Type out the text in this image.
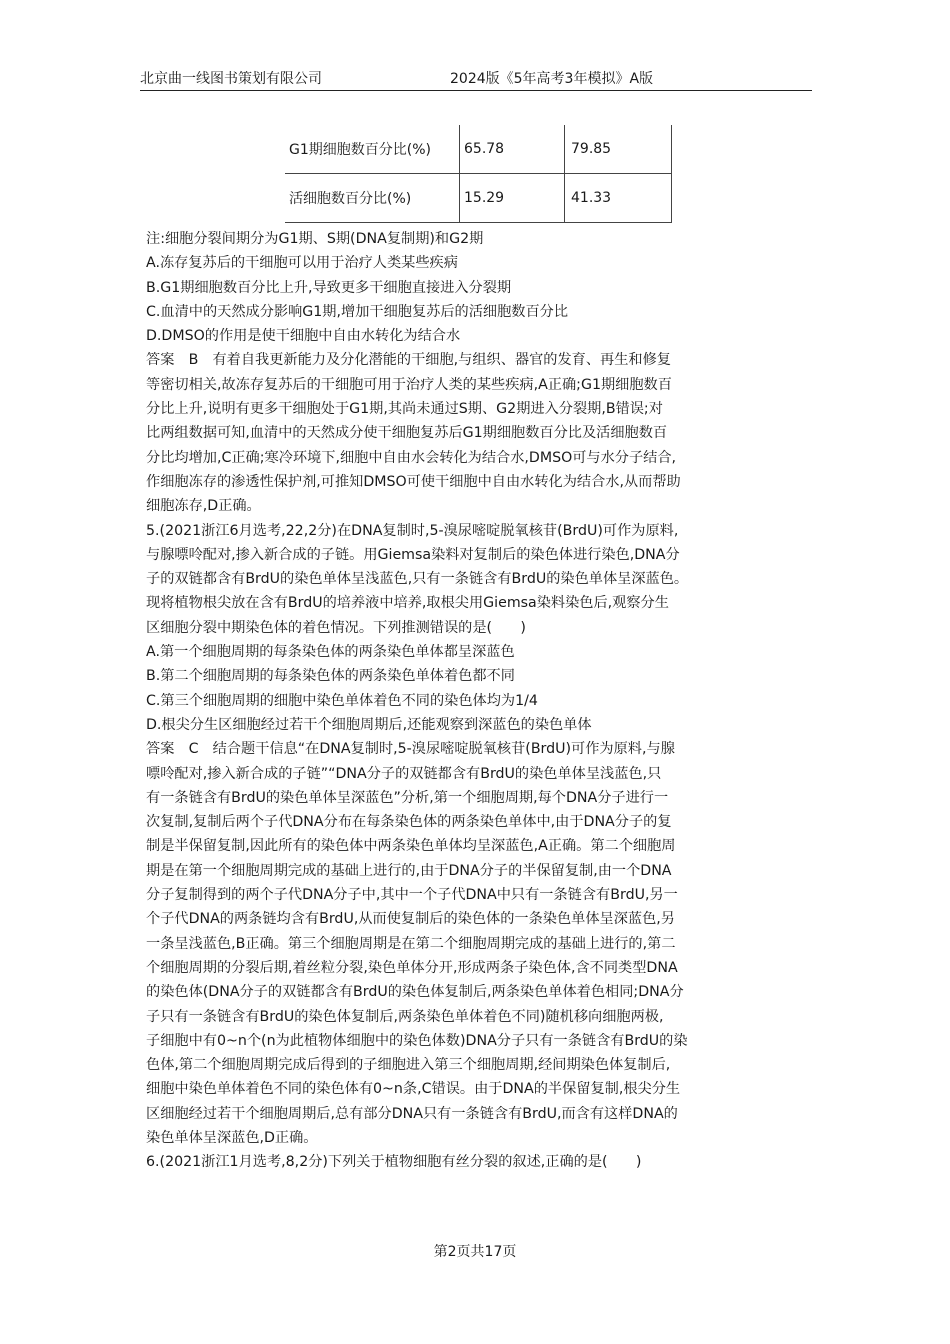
北京曲一线图书策划有限公司	2024版《5年高考3年模拟》A版
G1期细胞数百分比(%)	65.78	79.85
活细胞数百分比(%)	15.29	41.33

注:细胞分裂间期分为G1期、S期(DNA复制期)和G2期

A.冻存复苏后的干细胞可以用于治疗人类某些疾病

B.G1期细胞数百分比上升,导致更多干细胞直接进入分裂期

C.血清中的天然成分影响G1期,增加干细胞复苏后的活细胞数百分比

D.DMSO的作用是使干细胞中自由水转化为结合水

答案　B　有着自我更新能力及分化潜能的干细胞,与组织、器官的发育、再生和修复

等密切相关,故冻存复苏后的干细胞可用于治疗人类的某些疾病,A正确;G1期细胞数百

分比上升,说明有更多干细胞处于G1期,其尚未通过S期、G2期进入分裂期,B错误;对

比两组数据可知,血清中的天然成分使干细胞复苏后G1期细胞数百分比及活细胞数百

分比均增加,C正确;寒冷环境下,细胞中自由水会转化为结合水,DMSO可与水分子结合,

作细胞冻存的渗透性保护剂,可推知DMSO可使干细胞中自由水转化为结合水,从而帮助

细胞冻存,D正确。

5.(2021浙江6月选考,22,2分)在DNA复制时,5-溴尿嘧啶脱氧核苷(BrdU)可作为原料,

与腺嘌呤配对,掺入新合成的子链。用Giemsa染料对复制后的染色体进行染色,DNA分

子的双链都含有BrdU的染色单体呈浅蓝色,只有一条链含有BrdU的染色单体呈深蓝色。

现将植物根尖放在含有BrdU的培养液中培养,取根尖用Giemsa染料染色后,观察分生

区细胞分裂中期染色体的着色情况。下列推测错误的是(　　)

A.第一个细胞周期的每条染色体的两条染色单体都呈深蓝色

B.第二个细胞周期的每条染色体的两条染色单体着色都不同

C.第三个细胞周期的细胞中染色单体着色不同的染色体均为1/4

D.根尖分生区细胞经过若干个细胞周期后,还能观察到深蓝色的染色单体

答案　C　结合题干信息“在DNA复制时,5-溴尿嘧啶脱氧核苷(BrdU)可作为原料,与腺

嘌呤配对,掺入新合成的子链”“DNA分子的双链都含有BrdU的染色单体呈浅蓝色,只

有一条链含有BrdU的染色单体呈深蓝色”分析,第一个细胞周期,每个DNA分子进行一

次复制,复制后两个子代DNA分布在每条染色体的两条染色单体中,由于DNA分子的复

制是半保留复制,因此所有的染色体中两条染色单体均呈深蓝色,A正确。第二个细胞周

期是在第一个细胞周期完成的基础上进行的,由于DNA分子的半保留复制,由一个DNA

分子复制得到的两个子代DNA分子中,其中一个子代DNA中只有一条链含有BrdU,另一

个子代DNA的两条链均含有BrdU,从而使复制后的染色体的一条染色单体呈深蓝色,另

一条呈浅蓝色,B正确。第三个细胞周期是在第二个细胞周期完成的基础上进行的,第二

个细胞周期的分裂后期,着丝粒分裂,染色单体分开,形成两条子染色体,含不同类型DNA

的染色体(DNA分子的双链都含有BrdU的染色体复制后,两条染色单体着色相同;DNA分

子只有一条链含有BrdU的染色体复制后,两条染色单体着色不同)随机移向细胞两极,

子细胞中有0~n个(n为此植物体细胞中的染色体数)DNA分子只有一条链含有BrdU的染

色体,第二个细胞周期完成后得到的子细胞进入第三个细胞周期,经间期染色体复制后,

细胞中染色单体着色不同的染色体有0~n条,C错误。由于DNA的半保留复制,根尖分生

区细胞经过若干个细胞周期后,总有部分DNA只有一条链含有BrdU,而含有这样DNA的

染色单体呈深蓝色,D正确。

6.(2021浙江1月选考,8,2分)下列关于植物细胞有丝分裂的叙述,正确的是(　　)

第2页共17页
